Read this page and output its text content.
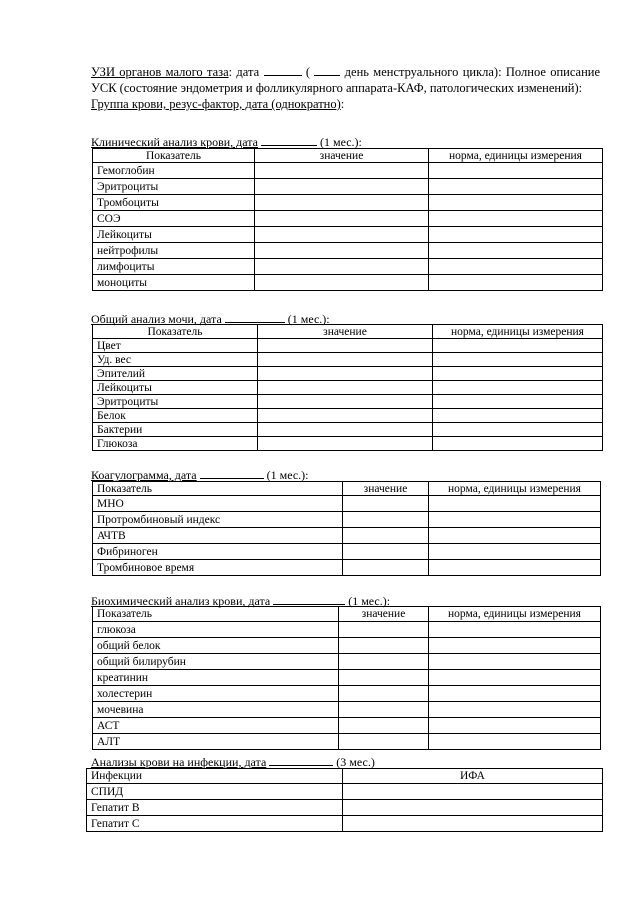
УЗИ органов малого таза: дата	(	день менструального цикла): Полное описание УСК (состояние эндометрия и фолликулярного аппарата-КАФ, патологических изменений):
Группа крови, резус-фактор, дата (однократно):
Клинический анализ крови, дата	(1 мес.):
Показатель	значение	норма, единицы измерения
Гемоглобин		
Эритроциты		
Тромбоциты		
СОЭ		
Лейкоциты		
нейтрофилы		
лимфоциты		
моноциты		
Общий анализ мочи, дата	(1 мес.):
Показатель	значение	норма, единицы измерения
Цвет		
Уд. вес		
Эпителий		
Лейкоциты		
Эритроциты		
Белок		
Бактерии		
Глюкоза		
Коагулограмма, дата	(1 мес.):
Показатель	значение	норма, единицы измерения
МНО		
Протромбиновый индекс		
АЧТВ		
Фибриноген		
Тромбиновое время		
Биохимический анализ крови, дата	(1 мес.):
Показатель	значение	норма, единицы измерения
глюкоза		
общий белок		
общий билирубин		
креатинин		
холестерин		
мочевина		
АСТ		
АЛТ		
Анализы крови на инфекции, дата	(3 мес.)
Инфекции	ИФА
СПИД	
Гепатит В	
Гепатит С	
